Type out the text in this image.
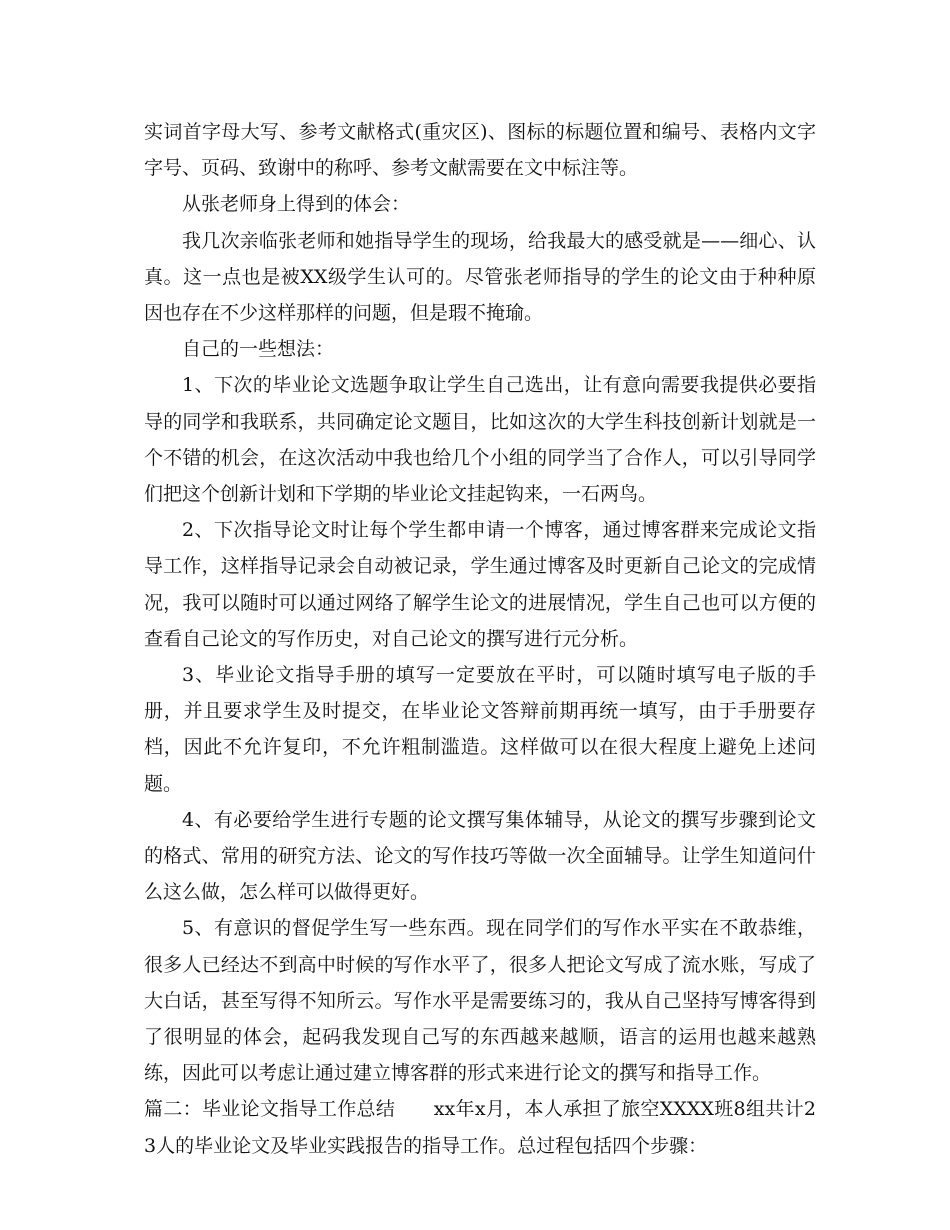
实词首字母大写、参考文献格式(重灾区)、图标的标题位置和编号、表格内文字字号、页码、致谢中的称呼、参考文献需要在文中标注等。

从张老师身上得到的体会：

我几次亲临张老师和她指导学生的现场，给我最大的感受就是——细心、认真。这一点也是被XX级学生认可的。尽管张老师指导的学生的论文由于种种原因也存在不少这样那样的问题，但是瑕不掩瑜。

自己的一些想法：

1、下次的毕业论文选题争取让学生自己选出，让有意向需要我提供必要指导的同学和我联系，共同确定论文题目，比如这次的大学生科技创新计划就是一个不错的机会，在这次活动中我也给几个小组的同学当了合作人，可以引导同学们把这个创新计划和下学期的毕业论文挂起钩来，一石两鸟。

2、下次指导论文时让每个学生都申请一个博客，通过博客群来完成论文指导工作，这样指导记录会自动被记录，学生通过博客及时更新自己论文的完成情况，我可以随时可以通过网络了解学生论文的进展情况，学生自己也可以方便的查看自己论文的写作历史，对自己论文的撰写进行元分析。

3、毕业论文指导手册的填写一定要放在平时，可以随时填写电子版的手册，并且要求学生及时提交，在毕业论文答辩前期再统一填写，由于手册要存档，因此不允许复印，不允许粗制滥造。这样做可以在很大程度上避免上述问题。

4、有必要给学生进行专题的论文撰写集体辅导，从论文的撰写步骤到论文的格式、常用的研究方法、论文的写作技巧等做一次全面辅导。让学生知道问什么这么做，怎么样可以做得更好。

5、有意识的督促学生写一些东西。现在同学们的写作水平实在不敢恭维，很多人已经达不到高中时候的写作水平了，很多人把论文写成了流水账，写成了大白话，甚至写得不知所云。写作水平是需要练习的，我从自己坚持写博客得到了很明显的体会，起码我发现自己写的东西越来越顺，语言的运用也越来越熟练，因此可以考虑让通过建立博客群的形式来进行论文的撰写和指导工作。

篇二：毕业论文指导工作总结　　xx年x月，本人承担了旅空XXXX班8组共计23人的毕业论文及毕业实践报告的指导工作。总过程包括四个步骤：
